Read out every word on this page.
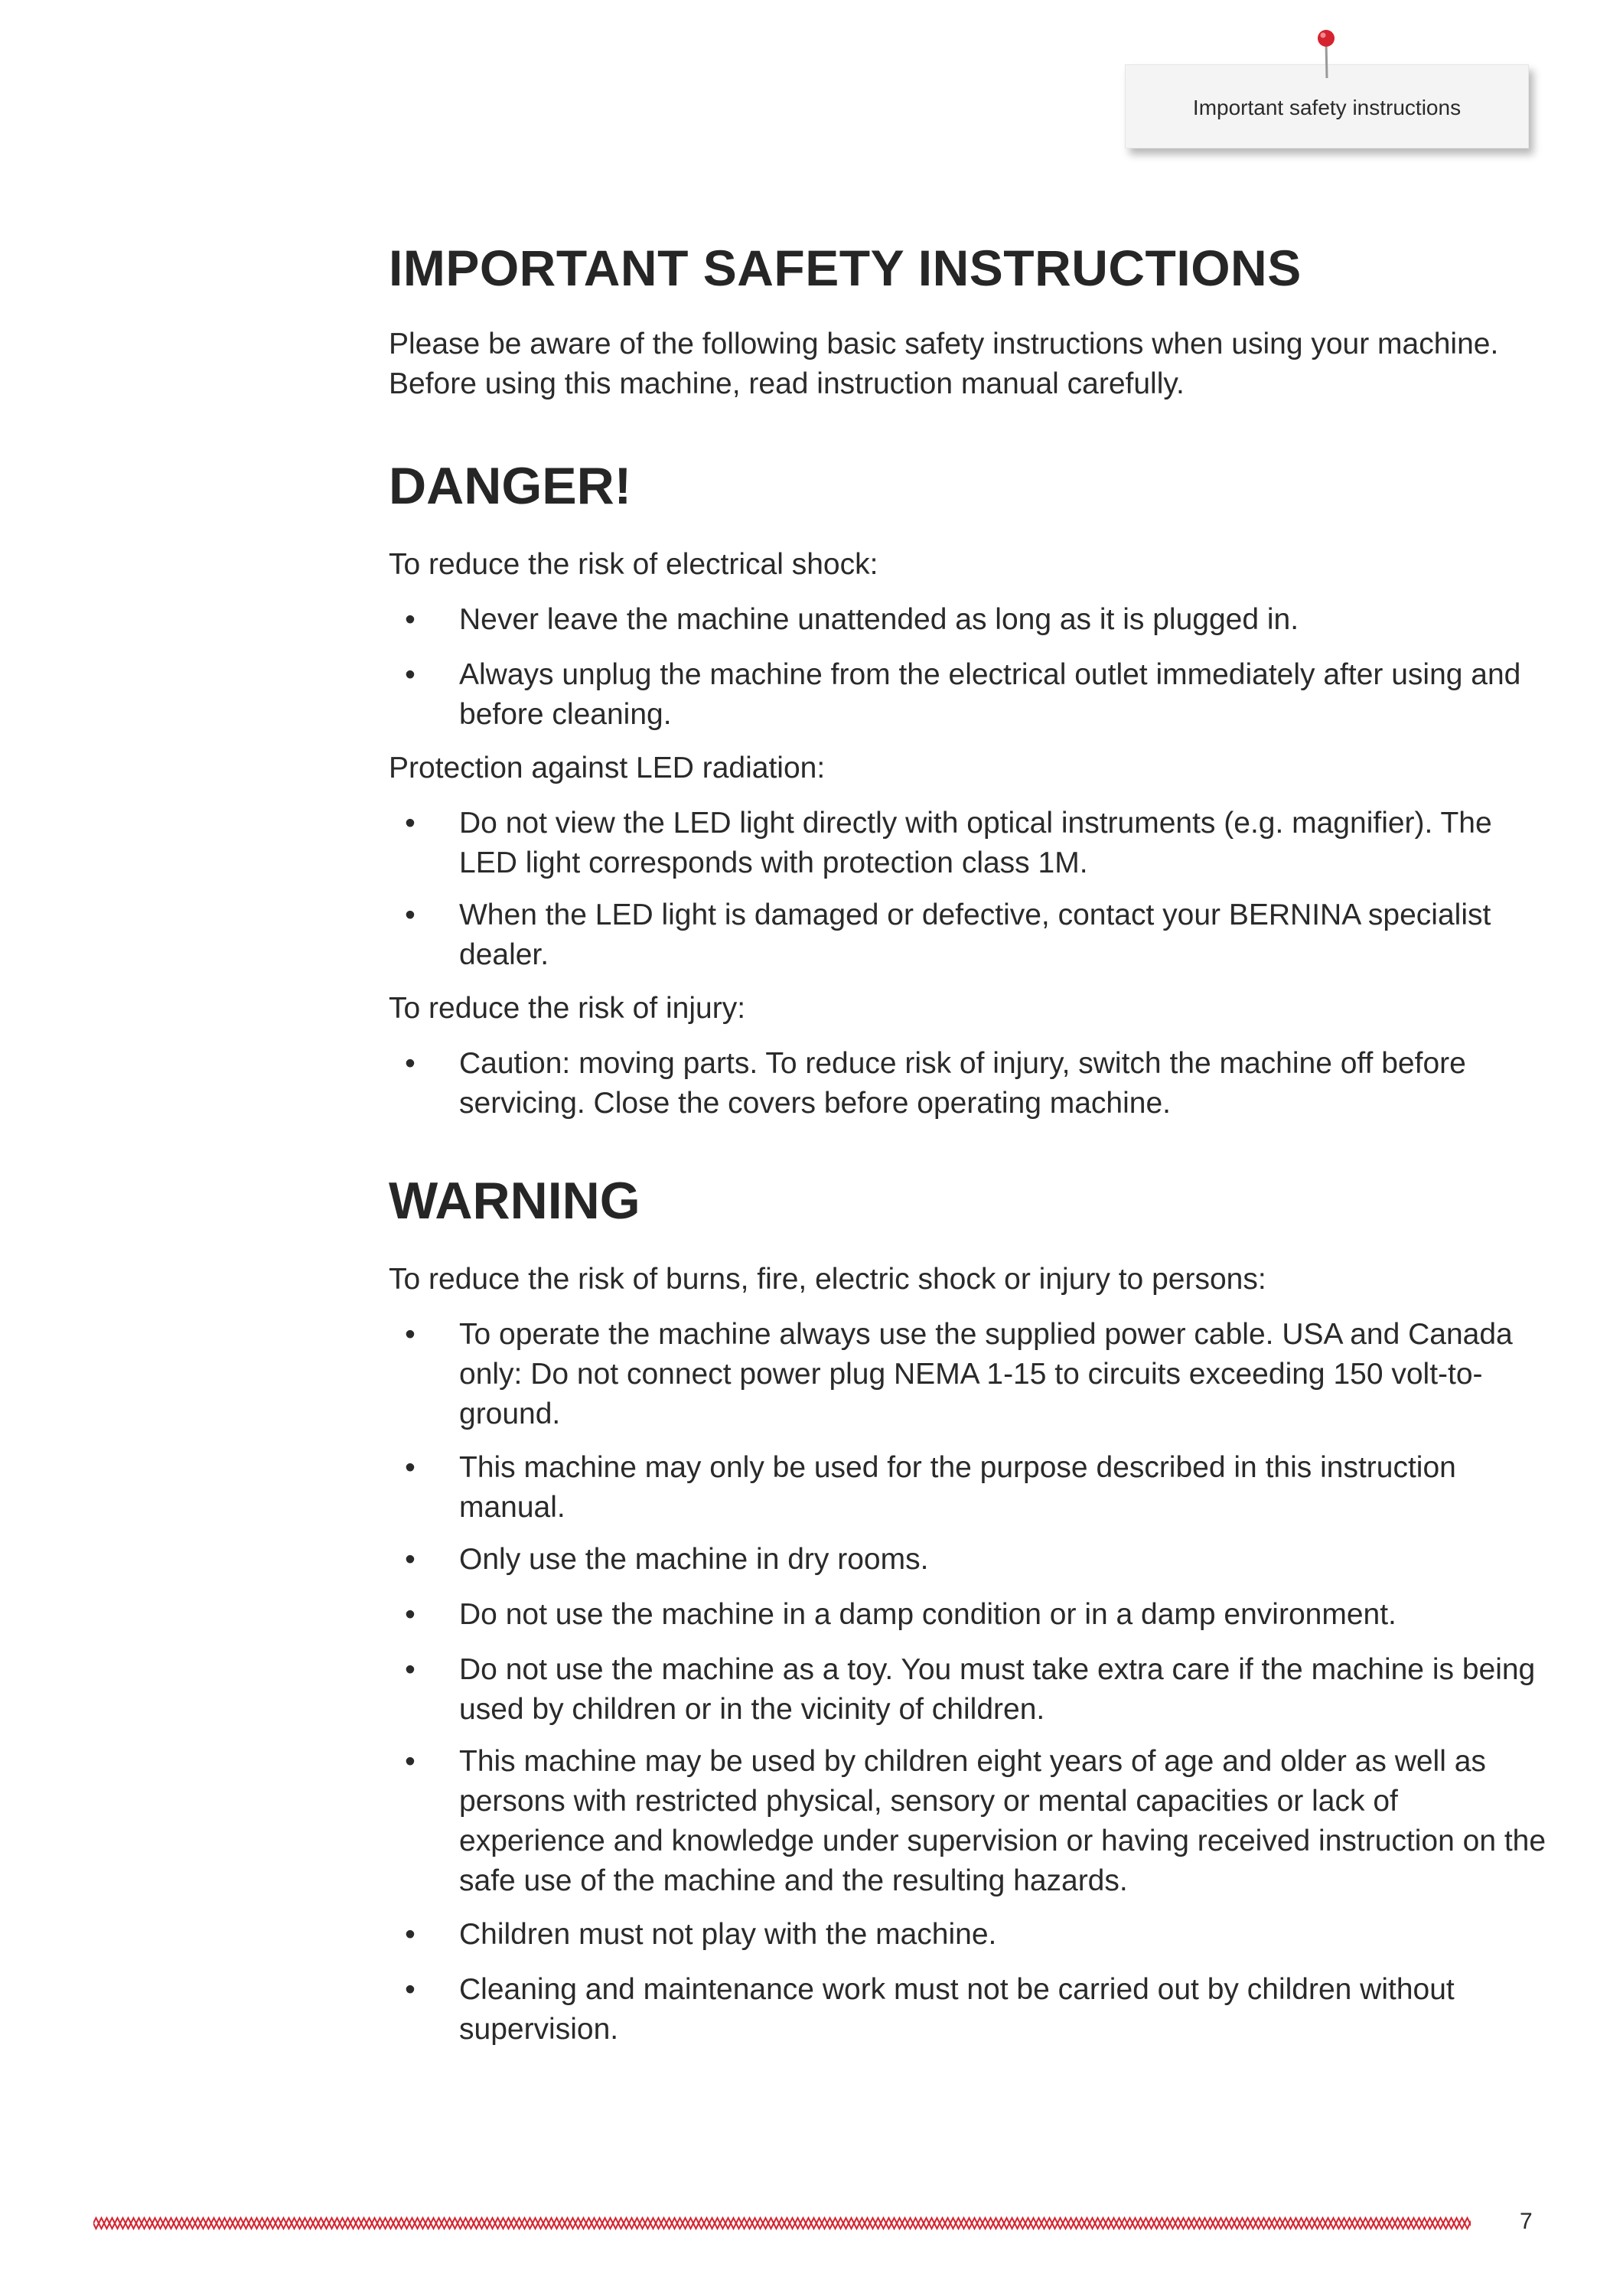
Important safety instructions
IMPORTANT SAFETY INSTRUCTIONS

Please be aware of the following basic safety instructions when using your machine. Before using this machine, read instruction manual carefully.

DANGER!

To reduce the risk of electrical shock:

• Never leave the machine unattended as long as it is plugged in.
• Always unplug the machine from the electrical outlet immediately after using and before cleaning.

Protection against LED radiation:

• Do not view the LED light directly with optical instruments (e.g. magnifier). The LED light corresponds with protection class 1M.
• When the LED light is damaged or defective, contact your BERNINA specialist dealer.

To reduce the risk of injury:

• Caution: moving parts. To reduce risk of injury, switch the machine off before servicing. Close the covers before operating machine.
WARNING

To reduce the risk of burns, fire, electric shock or injury to persons:

• To operate the machine always use the supplied power cable. USA and Canada only: Do not connect power plug NEMA 1-15 to circuits exceeding 150 volt-to-ground.
• This machine may only be used for the purpose described in this instruction manual.
• Only use the machine in dry rooms.
• Do not use the machine in a damp condition or in a damp environment.
• Do not use the machine as a toy. You must take extra care if the machine is being used by children or in the vicinity of children.
• This machine may be used by children eight years of age and older as well as persons with restricted physical, sensory or mental capacities or lack of experience and knowledge under supervision or having received instruction on the safe use of the machine and the resulting hazards.
• Children must not play with the machine.
• Cleaning and maintenance work must not be carried out by children without supervision.
7
